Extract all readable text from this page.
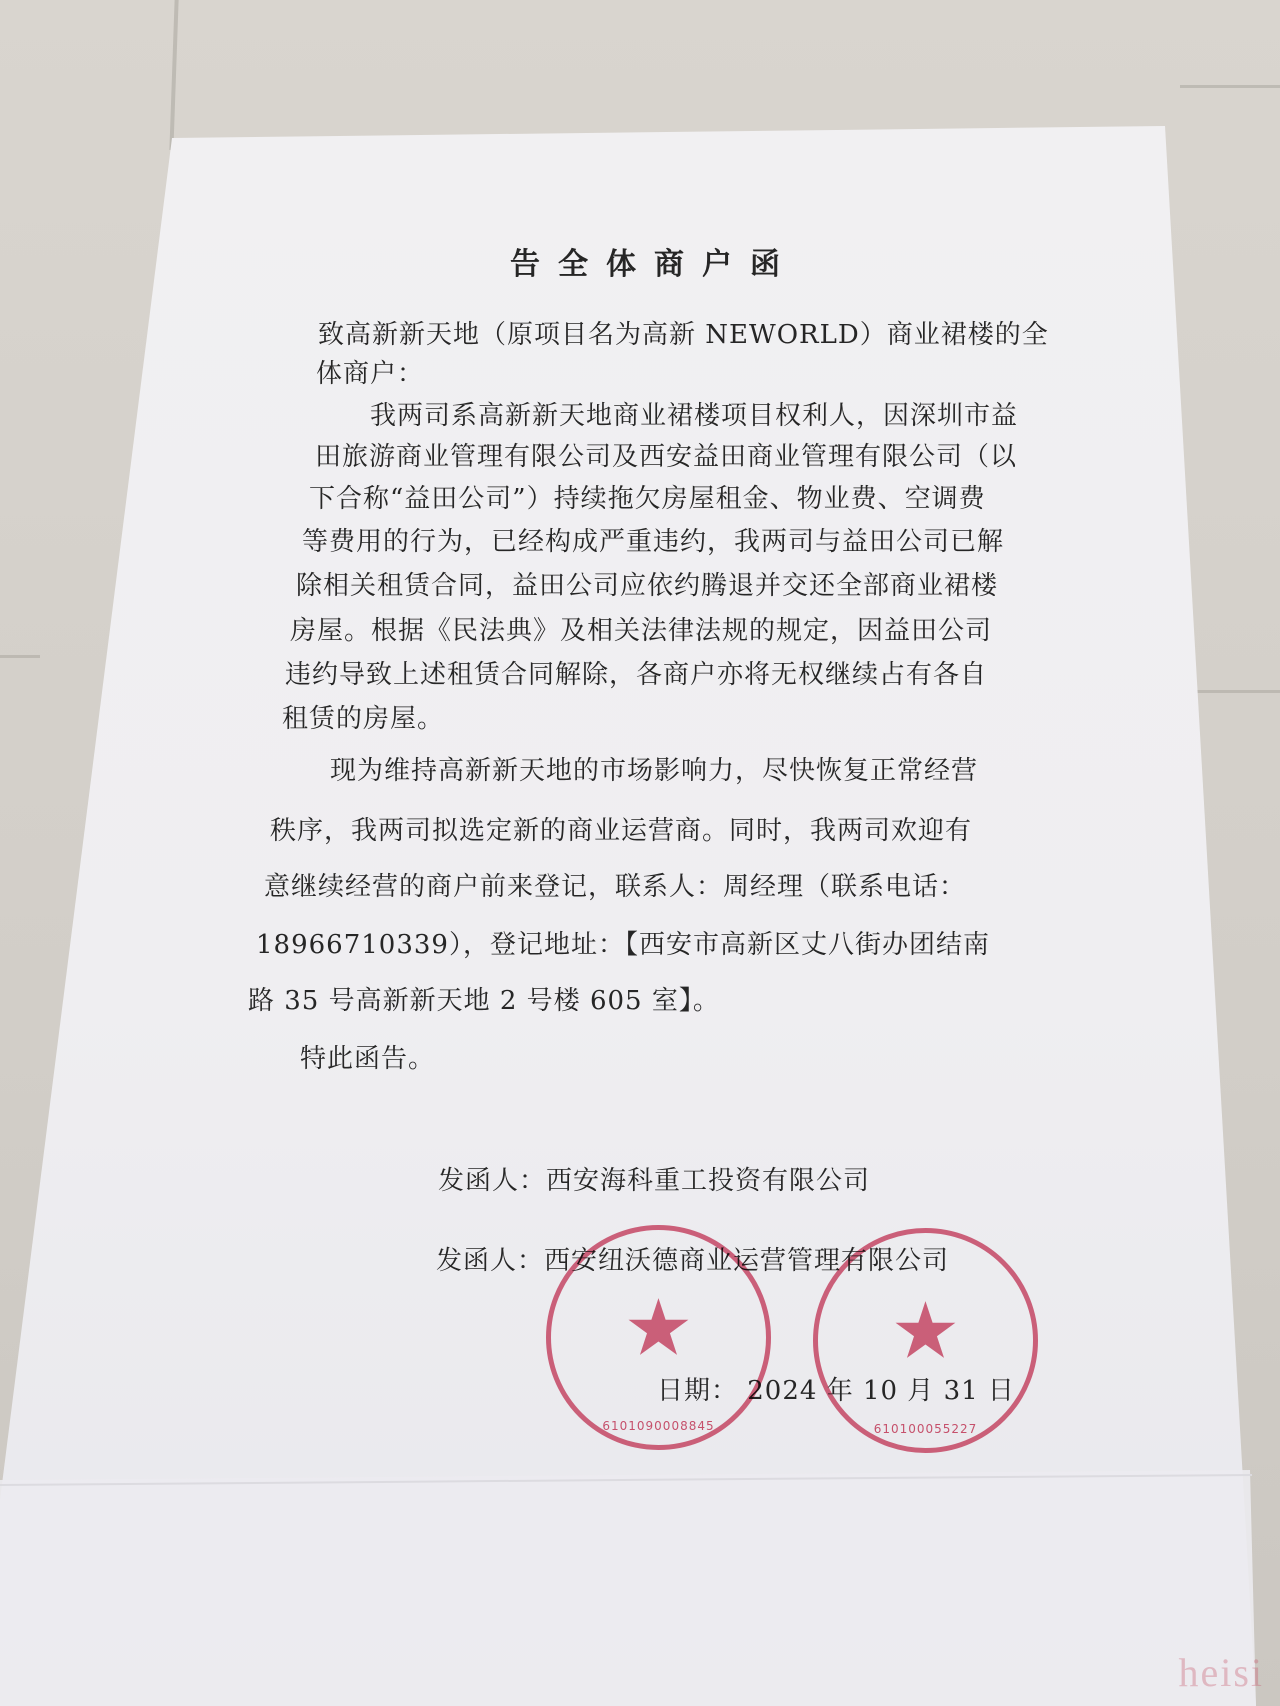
告全体商户函
致高新新天地（原项目名为高新 NEWORLD）商业裙楼的全
体商户：
我两司系高新新天地商业裙楼项目权利人，因深圳市益
田旅游商业管理有限公司及西安益田商业管理有限公司（以
下合称“益田公司”）持续拖欠房屋租金、物业费、空调费
等费用的行为，已经构成严重违约，我两司与益田公司已解
除相关租赁合同，益田公司应依约腾退并交还全部商业裙楼
房屋。根据《民法典》及相关法律法规的规定，因益田公司
违约导致上述租赁合同解除，各商户亦将无权继续占有各自
租赁的房屋。
现为维持高新新天地的市场影响力，尽快恢复正常经营
秩序，我两司拟选定新的商业运营商。同时，我两司欢迎有
意继续经营的商户前来登记，联系人：周经理（联系电话：
18966710339），登记地址：【西安市高新区丈八街办团结南
路 35 号高新新天地 2 号楼 605 室】。
特此函告。
发函人：西安海科重工投资有限公司
发函人：西安纽沃德商业运营管理有限公司
日期： 2024 年 10 月 31 日
★
6101090008845
★
610100055227
heisi
